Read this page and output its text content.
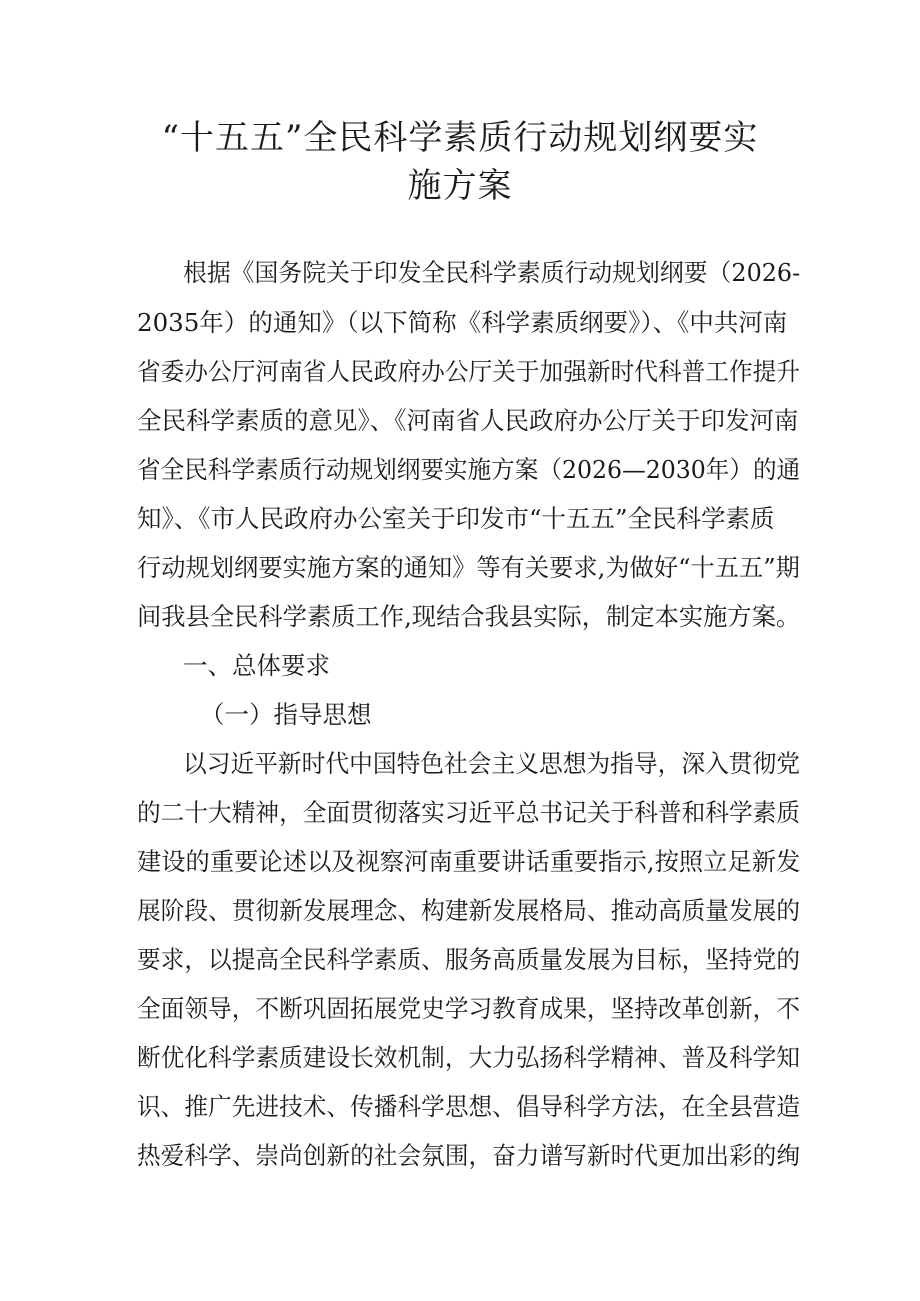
“十五五”全民科学素质行动规划纲要实
施方案

根据《国务院关于印发全民科学素质行动规划纲要（2026-

2035年）的通知》（以下简称《科学素质纲要》）、《中共河南

省委办公厅河南省人民政府办公厅关于加强新时代科普工作提升

全民科学素质的意见》、《河南省人民政府办公厅关于印发河南

省全民科学素质行动规划纲要实施方案（2026—2030年）的通

知》、《市人民政府办公室关于印发市“十五五”全民科学素质

行动规划纲要实施方案的通知》等有关要求,为做好“十五五”期

间我县全民科学素质工作,现结合我县实际，制定本实施方案。

一、总体要求

（一）指导思想

以习近平新时代中国特色社会主义思想为指导，深入贯彻党

的二十大精神，全面贯彻落实习近平总书记关于科普和科学素质

建设的重要论述以及视察河南重要讲话重要指示,按照立足新发

展阶段、贯彻新发展理念、构建新发展格局、推动高质量发展的

要求，以提高全民科学素质、服务高质量发展为目标，坚持党的

全面领导，不断巩固拓展党史学习教育成果，坚持改革创新，不

断优化科学素质建设长效机制，大力弘扬科学精神、普及科学知

识、推广先进技术、传播科学思想、倡导科学方法，在全县营造

热爱科学、崇尚创新的社会氛围，奋力谱写新时代更加出彩的绚
